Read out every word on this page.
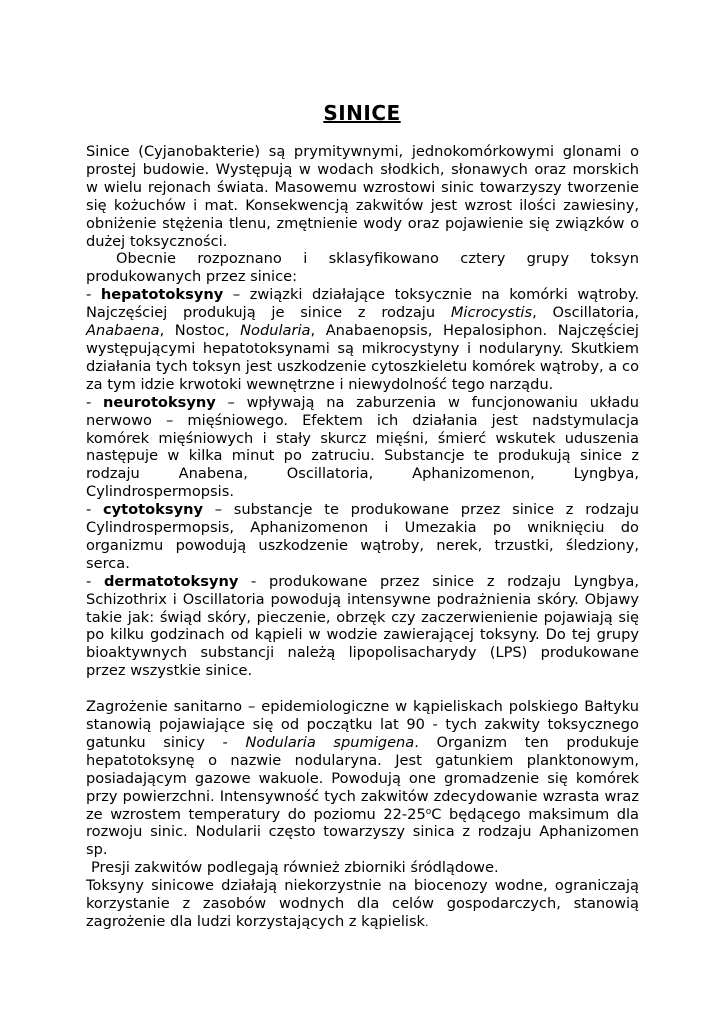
SINICE

Sinice (Cyjanobakterie) są prymitywnymi, jednokomórkowymi glonami o prostej budowie. Występują w wodach słodkich, słonawych oraz morskich w wielu rejonach świata. Masowemu wzrostowi sinic towarzyszy tworzenie się kożuchów i mat. Konsekwencją zakwitów jest wzrost ilości zawiesiny, obniżenie stężenia tlenu, zmętnienie wody oraz pojawienie się związków o dużej toksyczności.

Obecnie rozpoznano i sklasyfikowano cztery grupy toksyn produkowanych przez sinice:

- hepatotoksyny – związki działające toksycznie na komórki wątroby. Najczęściej produkują je sinice z rodzaju Microcystis, Oscillatoria, Anabaena, Nostoc, Nodularia, Anabaenopsis, Hepalosiphon. Najczęściej występującymi hepatotoksynami są mikrocystyny i nodularyny. Skutkiem działania tych toksyn jest uszkodzenie cytoszkieletu komórek wątroby, a co za tym idzie krwotoki wewnętrzne i niewydolność tego narządu.

- neurotoksyny – wpływają na zaburzenia w funcjonowaniu układu nerwowo – mięśniowego. Efektem ich działania jest nadstymulacja komórek mięśniowych i stały skurcz mięśni, śmierć wskutek uduszenia następuje w kilka minut po zatruciu. Substancje te produkują sinice z rodzaju Anabena, Oscillatoria, Aphanizomenon, Lyngbya, Cylindrospermopsis.

- cytotoksyny – substancje te produkowane przez sinice z rodzaju Cylindrospermopsis, Aphanizomenon i Umezakia po wniknięciu do organizmu powodują uszkodzenie wątroby, nerek, trzustki, śledziony, serca.

- dermatotoksyny - produkowane przez sinice z rodzaju Lyngbya, Schizothrix i Oscillatoria powodują intensywne podrażnienia skóry. Objawy takie jak: świąd skóry, pieczenie, obrzęk czy zaczerwienienie pojawiają się po kilku godzinach od kąpieli w wodzie zawierającej toksyny. Do tej grupy bioaktywnych substancji należą lipopolisacharydy (LPS) produkowane przez wszystkie sinice.

Zagrożenie sanitarno – epidemiologiczne w kąpieliskach polskiego Bałtyku stanowią pojawiające się od początku lat 90 - tych zakwity toksycznego gatunku sinicy - Nodularia spumigena. Organizm ten produkuje hepatotoksynę o nazwie nodularyna. Jest gatunkiem planktonowym, posiadającym gazowe wakuole. Powodują one gromadzenie się komórek przy powierzchni. Intensywność tych zakwitów zdecydowanie wzrasta wraz ze wzrostem temperatury do poziomu 22-25$^o$C będącego maksimum dla rozwoju sinic. Nodularii często towarzyszy sinica z rodzaju Aphanizomen sp.

Presji zakwitów podlegają również zbiorniki śródlądowe.

Toksyny sinicowe działają niekorzystnie na biocenozy wodne, ograniczają korzystanie z zasobów wodnych dla celów gospodarczych, stanowią zagrożenie dla ludzi korzystających z kąpielisk.
